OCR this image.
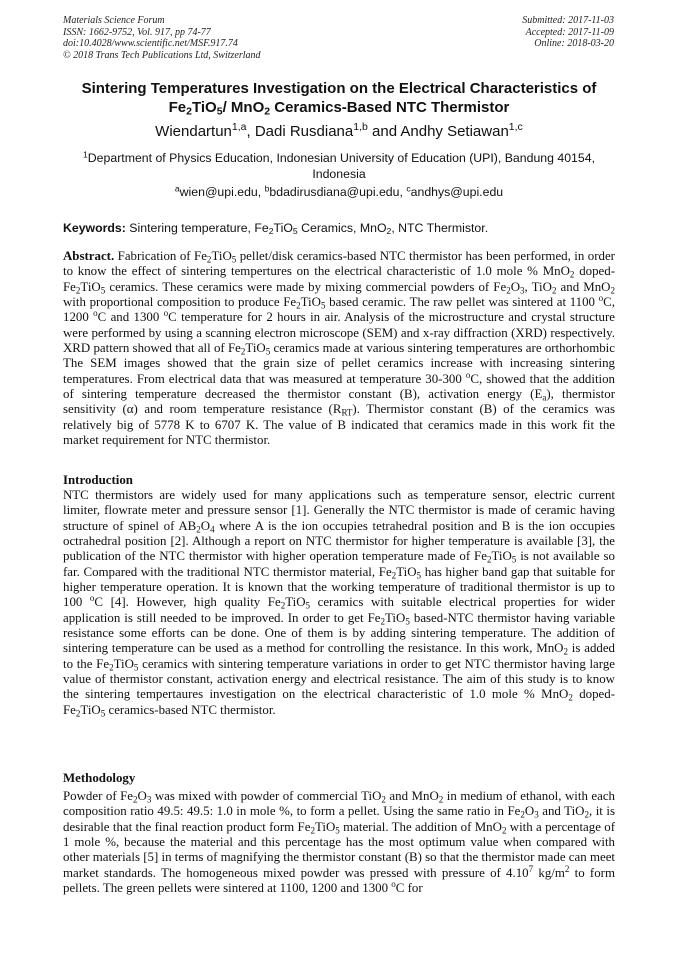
Materials Science Forum
ISSN: 1662-9752, Vol. 917, pp 74-77
doi:10.4028/www.scientific.net/MSF.917.74
© 2018 Trans Tech Publications Ltd, Switzerland
Submitted: 2017-11-03
Accepted: 2017-11-09
Online: 2018-03-20
Sintering Temperatures Investigation on the Electrical Characteristics of
$Fe_2TiO_5/$ MnO$_2$ Ceramics-Based NTC Thermistor
Wiendartun$^{1,a}$, Dadi Rusdiana$^{1,b}$ and Andhy Setiawan$^{1,c}$
$^1$Department of Physics Education, Indonesian University of Education (UPI), Bandung 40154, Indonesia
$^a$wien@upi.edu, $^b$bdadirusdiana@upi.edu, $^c$andhys@upi.edu
Keywords: Sintering temperature, $Fe_2TiO_5$ Ceramics, MnO$_2$, NTC Thermistor.
Abstract. Fabrication of $Fe_2TiO_5$ pellet/disk ceramics-based NTC thermistor has been performed, in order to know the effect of sintering tempertures on the electrical characteristic of 1.0 mole % MnO$_2$ doped-$Fe_2TiO_5$ ceramics. These ceramics were made by mixing commercial powders of $Fe_2O_3$, TiO$_2$ and MnO$_2$ with proportional composition to produce $Fe_2TiO_5$ based ceramic. The raw pellet was sintered at 1100 $^o$C, 1200 $^o$C and 1300 $^o$C temperature for 2 hours in air. Analysis of the microstructure and crystal structure were performed by using a scanning electron microscope (SEM) and x-ray diffraction (XRD) respectively. XRD pattern showed that all of $Fe_2TiO_5$ ceramics made at various sintering temperatures are orthorhombic The SEM images showed that the grain size of pellet ceramics increase with increasing sintering temperatures. From electrical data that was measured at temperature 30-300 $^o$C, showed that the addition of sintering temperature decreased the thermistor constant (B), activation energy $(E_a)$, thermistor sensitivity (α) and room temperature resistance $(R_{RT})$. Thermistor constant (B) of the ceramics was relatively big of 5778 K to 6707 K. The value of B indicated that ceramics made in this work fit the market requirement for NTC thermistor.
Introduction
NTC thermistors are widely used for many applications such as temperature sensor, electric current limiter, flowrate meter and pressure sensor [1]. Generally the NTC thermistor is made of ceramic having structure of spinel of $AB_2O_4$ where A is the ion occupies tetrahedral position and B is the ion occupies octrahedral position [2]. Although a report on NTC thermistor for higher temperature is available [3], the publication of the NTC thermistor with higher operation temperature made of $Fe_2TiO_5$ is not available so far. Compared with the traditional NTC thermistor material, $Fe_2TiO_5$ has higher band gap that suitable for higher temperature operation. It is known that the working temperature of traditional thermistor is up to 100 $^o$C [4]. However, high quality $Fe_2TiO_5$ ceramics with suitable electrical properties for wider application is still needed to be improved. In order to get $Fe_2TiO_5$ based-NTC thermistor having variable resistance some efforts can be done. One of them is by adding sintering temperature. The addition of sintering temperature can be used as a method for controlling the resistance. In this work, MnO$_2$ is added to the $Fe_2TiO_5$ ceramics with sintering temperature variations in order to get NTC thermistor having large value of thermistor constant, activation energy and electrical resistance. The aim of this study is to know the sintering tempertaures investigation on the electrical characteristic of 1.0 mole % MnO$_2$ doped-$Fe_2TiO_5$ ceramics-based NTC thermistor.
Methodology
Powder of $Fe_2O_3$ was mixed with powder of commercial TiO$_2$ and MnO$_2$ in medium of ethanol, with each composition ratio 49.5: 49.5: 1.0 in mole %, to form a pellet. Using the same ratio in $Fe_2O_3$ and TiO$_2$, it is desirable that the final reaction product form $Fe_2TiO_5$ material. The addition of MnO$_2$ with a percentage of 1 mole %, because the material and this percentage has the most optimum value when compared with other materials [5] in terms of magnifying the thermistor constant (B) so that the thermistor made can meet market standards. The homogeneous mixed powder was pressed with pressure of 4.10$^7$ $kg/m^2$ to form pellets. The green pellets were sintered at 1100, 1200 and 1300 $^o$C for
